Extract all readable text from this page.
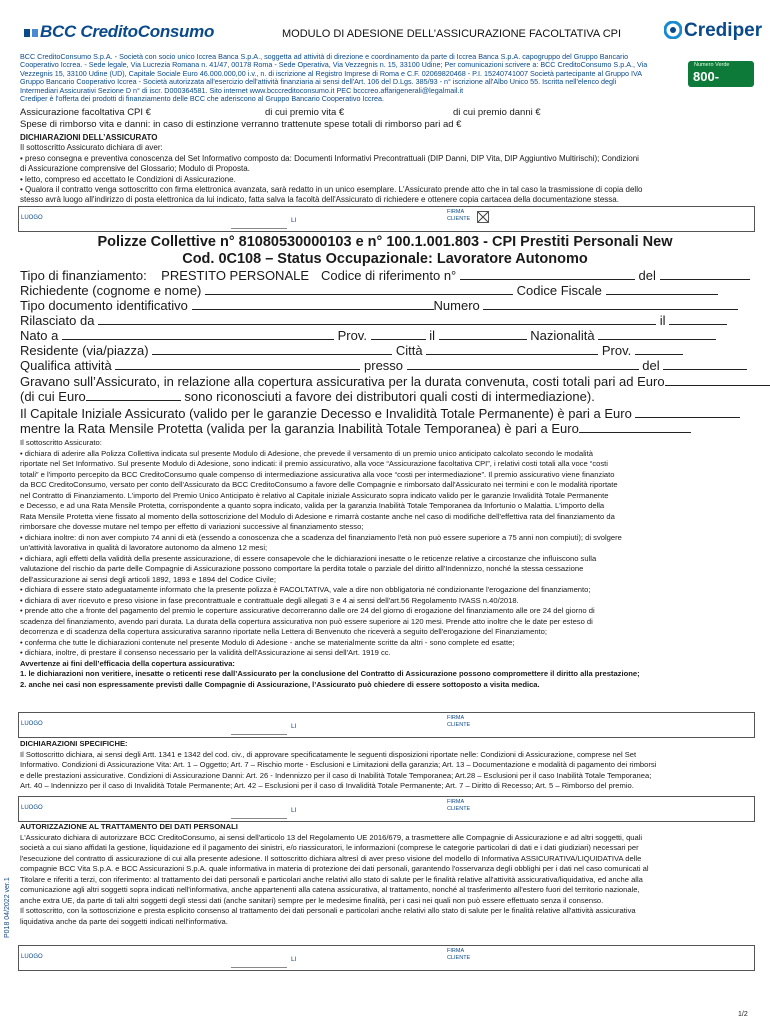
BCC CreditoConsumo	MODULO DI ADESIONE DELL’ASSICURAZIONE FACOLTATIVA CPI	Crediper
BCC CreditoConsumo S.p.A. - Società con socio unico Iccrea Banca S.p.A., soggetta ad attività di direzione e coordinamento da parte di Iccrea Banca S.p.A. capogruppo del Gruppo Bancario
Cooperativo Iccrea. - Sede legale, Via Lucrezia Romana n. 41/47, 00178 Roma - Sede Operativa, Via Vezzegnis n. 15, 33100 Udine; Per comunicazioni scrivere a: BCC CreditoConsumo S.p.A., Via
Vezzegnis 15, 33100 Udine (UD), Capitale Sociale Euro 46.000.000,00 i.v., n. di iscrizione al Registro Imprese di Roma e C.F. 02069820468 - P.I. 15240741007 Società partecipante al Gruppo IVA
Gruppo Bancario Cooperativo Iccrea - Società autorizzata all'esercizio dell'attività finanziaria ai sensi dell'Art. 106 del D.Lgs. 385/93 - n° iscrizione all'Albo Unico 55. Iscritta nell'elenco degli
Intermediari Assicurativi Sezione D n° di iscr. D000364581. Sito internet www.bcccreditoconsumo.it PEC bcccreo.affarigenerali@legalmail.it
Crediper è l'offerta dei prodotti di finanziamento delle BCC che aderiscono al Gruppo Bancario Cooperativo Iccrea.
Numero Verde
800-990.620
Assicurazione facoltativa CPI €	di cui premio vita €	di cui premio danni €
Spese di rimborso vita e danni: in caso di estinzione verranno trattenute spese totali di rimborso pari ad €
DICHIARAZIONI DELL’ASSICURATO
Il sottoscritto Assicurato dichiara di aver:
• preso consegna e preventiva conoscenza del Set Informativo composto da: Documenti Informativi Precontrattuali (DIP Danni, DIP Vita, DIP Aggiuntivo Multirischi); Condizioni
di Assicurazione comprensive del Glossario; Modulo di Proposta.
• letto, compreso ed accettato le Condizioni di Assicurazione.
• Qualora il contratto venga sottoscritto con firma elettronica avanzata, sarà redatto in un unico esemplare. L'Assicurato prende atto che in tal caso la trasmissione di copia dello
stesso avrà luogo all'indirizzo di posta elettronica da lui indicato, fatta salva la facoltà dell'Assicurato di richiedere e ottenere copia cartacea della documentazione stessa.
LUOGO	LI
FIRMA
CLIENTE
Polizze Collettive n° 81080530000103 e n° 100.1.001.803 - CPI Prestiti Personali New
Cod. 0C108 – Status Occupazionale: Lavoratore Autonomo
Tipo di finanziamento: PRESTITO PERSONALE Codice di riferimento n°	del
Richiedente (cognome e nome)	Codice Fiscale
Tipo documento identificativo	Numero
Rilasciato da	il
Nato a	Prov.	il	Nazionalità
Residente (via/piazza)	Città	Prov.
Qualifica attività	presso	del
Gravano sull’Assicurato, in relazione alla copertura assicurativa per la durata convenuta, costi totali pari ad Euro
(di cui Euro	sono riconosciuti a favore dei distributori quali costi di intermediazione).
Il Capitale Iniziale Assicurato (valido per le garanzie Decesso e Invalidità Totale Permanente) è pari a Euro
mentre la Rata Mensile Protetta (valida per la garanzia Inabilità Totale Temporanea) è pari a Euro
Il sottoscritto Assicurato:
• dichiara di aderire alla Polizza Collettiva indicata sul presente Modulo di Adesione, che prevede il versamento di un premio unico anticipato calcolato secondo le modalità
riportate nel Set Informativo. Sul presente Modulo di Adesione, sono indicati: il premio assicurativo, alla voce “Assicurazione facoltativa CPI”, i relativi costi totali alla voce “costi
totali” e l'importo percepito da BCC CreditoConsumo quale compenso di intermediazione assicurativa alla voce “costi per intermediazione”. Il premio assicurativo viene finanziato
da BCC CreditoConsumo, versato per conto dell'Assicurato da BCC CreditoConsumo a favore delle Compagnie e rimborsato dall'Assicurato nei termini e con le modalità riportate
nel Contratto di Finanziamento. L'importo del Premio Unico Anticipato è relativo al Capitale iniziale Assicurato sopra indicato valido per le garanzie Invalidità Totale Permanente
e Decesso, e ad una Rata Mensile Protetta, corrispondente a quanto sopra indicato, valida per la garanzia Inabilità Totale Temporanea da Infortunio o Malattia. L'importo della
Rata Mensile Protetta viene fissato al momento della sottoscrizione del Modulo di Adesione e rimarrà costante anche nel caso di modifiche dell'effettiva rata del finanziamento da
rimborsare che dovesse mutare nel tempo per effetto di variazioni successive al finanziamento stesso;
• dichiara inoltre: di non aver compiuto 74 anni di età (essendo a conoscenza che a scadenza del finanziamento l'età non può essere superiore a 75 anni non compiuti); di svolgere
un'attività lavorativa in qualità di lavoratore autonomo da almeno 12 mesi;
• dichiara, agli effetti della validità della presente assicurazione, di essere consapevole che le dichiarazioni inesatte o le reticenze relative a circostanze che influiscono sulla
valutazione del rischio da parte delle Compagnie di Assicurazione possono comportare la perdita totale o parziale del diritto all'Indennizzo, nonché la stessa cessazione
dell'assicurazione ai sensi degli articoli 1892, 1893 e 1894 del Codice Civile;
• dichiara di essere stato adeguatamente informato che la presente polizza è FACOLTATIVA, vale a dire non obbligatoria né condizionante l'erogazione del finanziamento;
• dichiara di aver ricevuto e preso visione in fase precontrattuale e contrattuale degli allegati 3 e 4 ai sensi dell'art.56 Regolamento IVASS n.40/2018.
• prende atto che a fronte del pagamento del premio le coperture assicurative decorreranno dalle ore 24 del giorno di erogazione del finanziamento alle ore 24 del giorno di
scadenza del finanziamento, avendo pari durata. La durata della copertura assicurativa non può essere superiore ai 120 mesi. Prende atto inoltre che le date per esteso di
decorrenza e di scadenza della copertura assicurativa saranno riportate nella Lettera di Benvenuto che riceverà a seguito dell'erogazione del Finanziamento;
• conferma che tutte le dichiarazioni contenute nel presente Modulo di Adesione - anche se materialmente scritte da altri - sono complete ed esatte;
• dichiara, inoltre, di prestare il consenso necessario per la validità dell'Assicurazione ai sensi dell'Art. 1919 cc.
Avvertenze ai fini dell’efficacia della copertura assicurativa:
1. le dichiarazioni non veritiere, inesatte o reticenti rese dall’Assicurato per la conclusione del Contratto di Assicurazione possono compromettere il diritto alla prestazione;
2. anche nei casi non espressamente previsti dalle Compagnie di Assicurazione, l’Assicurato può chiedere di essere sottoposto a visita medica.
LUOGO	LI
FIRMA
CLIENTE
DICHIARAZIONI SPECIFICHE:
Il Sottoscritto dichiara, ai sensi degli Artt. 1341 e 1342 del cod. civ., di approvare specificatamente le seguenti disposizioni riportate nelle: Condizioni di Assicurazione, comprese nel Set
Informativo. Condizioni di Assicurazione Vita: Art. 1 – Oggetto; Art. 7 – Rischio morte - Esclusioni e Limitazioni della garanzia; Art. 13 – Documentazione e modalità di pagamento dei rimborsi
e delle prestazioni assicurative. Condizioni di Assicurazione Danni: Art. 26 - Indennizzo per il caso di Inabilità Totale Temporanea; Art.28 – Esclusioni per il caso Inabilità Totale Temporanea;
Art. 40 – Indennizzo per il caso di Invalidità Totale Permanente; Art. 42 – Esclusioni per il caso di Invalidità Totale Permanente; Art. 7 – Diritto di Recesso; Art. 5 – Rimborso del premio.
LUOGO	LI
FIRMA
CLIENTE
AUTORIZZAZIONE AL TRATTAMENTO DEI DATI PERSONALI
L'Assicurato dichiara di autorizzare BCC CreditoConsumo, ai sensi dell'articolo 13 del Regolamento UE 2016/679, a trasmettere alle Compagnie di Assicurazione e ad altri soggetti, quali
società a cui siano affidati la gestione, liquidazione ed il pagamento dei sinistri, e/o riassicuratori, le informazioni (comprese le categorie particolari di dati e i dati giudiziari) necessari per
l'esecuzione del contratto di assicurazione di cui alla presente adesione. Il sottoscritto dichiara altresì di aver preso visione del modello di Informativa ASSICURATIVA/LIQUIDATIVA delle
compagnie BCC Vita S.p.A. e BCC Assicurazioni S.p.A. quale informativa in materia di protezione dei dati personali, garantendo l'osservanza degli obblighi per i dati nel caso comunicati al
Titolare e riferiti a terzi, con riferimento: al trattamento dei dati personali e particolari anche relativi allo stato di salute per le finalità relative all'attività assicurativa/liquidativa, ed anche alla
comunicazione agli altri soggetti sopra indicati nell'informativa, anche appartenenti alla catena assicurativa, al trattamento, nonché al trasferimento all'estero fuori del territorio nazionale,
anche extra UE, da parte di tali altri soggetti degli stessi dati (anche sanitari) sempre per le medesime finalità, per i casi nei quali non può essere effettuato senza il consenso.
Il sottoscritto, con la sottoscrizione e presta esplicito consenso al trattamento dei dati personali e particolari anche relativi allo stato di salute per le finalità relative all'attività assicurativa
liquidativa anche da parte dei soggetti indicati nell'informativa.
LUOGO	LI
FIRMA
CLIENTE
P018 04/2022 ver.1
1/2
